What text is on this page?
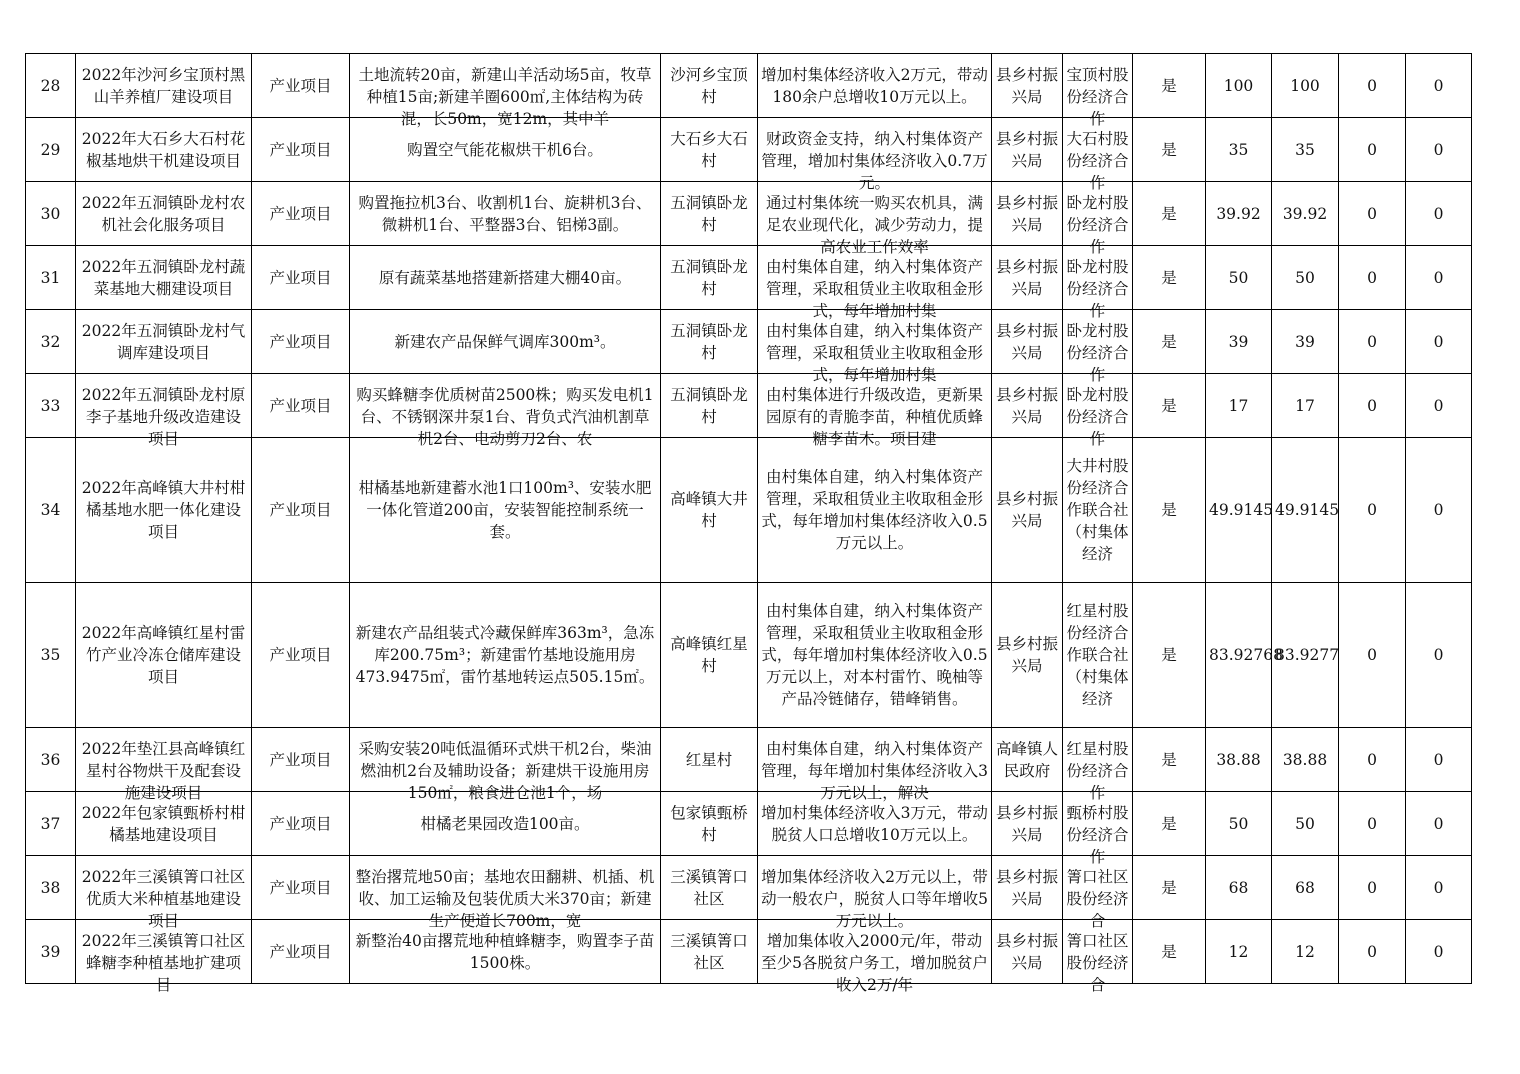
28	2022年沙河乡宝顶村黑山羊养植厂建设项目	产业项目	土地流转20亩，新建山羊活动场5亩，牧草种植15亩;新建羊圈600㎡,主体结构为砖混，长50m，宽12m，其中羊	沙河乡宝顶村	增加村集体经济收入2万元，带动180余户总增收10万元以上。	县乡村振兴局	宝顶村股份经济合作	是	100	100	0	0
29	2022年大石乡大石村花椒基地烘干机建设项目	产业项目	购置空气能花椒烘干机6台。	大石乡大石村	财政资金支持，纳入村集体资产管理，增加村集体经济收入0.7万元。	县乡村振兴局	大石村股份经济合作	是	35	35	0	0
30	2022年五洞镇卧龙村农机社会化服务项目	产业项目	购置拖拉机3台、收割机1台、旋耕机3台、微耕机1台、平整器3台、铝梯3副。	五洞镇卧龙村	通过村集体统一购买农机具，满足农业现代化，减少劳动力，提高农业工作效率	县乡村振兴局	卧龙村股份经济合作	是	39.92	39.92	0	0
31	2022年五洞镇卧龙村蔬菜基地大棚建设项目	产业项目	原有蔬菜基地搭建新搭建大棚40亩。	五洞镇卧龙村	由村集体自建，纳入村集体资产管理，采取租赁业主收取租金形式，每年增加村集	县乡村振兴局	卧龙村股份经济合作	是	50	50	0	0
32	2022年五洞镇卧龙村气调库建设项目	产业项目	新建农产品保鲜气调库300m³。	五洞镇卧龙村	由村集体自建，纳入村集体资产管理，采取租赁业主收取租金形式，每年增加村集	县乡村振兴局	卧龙村股份经济合作	是	39	39	0	0
33	2022年五洞镇卧龙村原李子基地升级改造建设项目	产业项目	购买蜂糖李优质树苗2500株；购买发电机1台、不锈钢深井泵1台、背负式汽油机割草机2台、电动剪刀2台、农	五洞镇卧龙村	由村集体进行升级改造，更新果园原有的青脆李苗，种植优质蜂糖李苗木。项目建	县乡村振兴局	卧龙村股份经济合作	是	17	17	0	0
34	2022年高峰镇大井村柑橘基地水肥一体化建设项目	产业项目	柑橘基地新建蓄水池1口100m³、安装水肥一体化管道200亩，安装智能控制系统一套。	高峰镇大井村	由村集体自建，纳入村集体资产管理，采取租赁业主收取租金形式，每年增加村集体经济收入0.5万元以上。	县乡村振兴局	大井村股份经济合作联合社（村集体经济	是	49.9145	49.9145	0	0
35	2022年高峰镇红星村雷竹产业冷冻仓储库建设项目	产业项目	新建农产品组装式冷藏保鲜库363m³，急冻库200.75m³；新建雷竹基地设施用房473.9475㎡，雷竹基地转运点505.15㎡。	高峰镇红星村	由村集体自建，纳入村集体资产管理，采取租赁业主收取租金形式，每年增加村集体经济收入0.5万元以上，对本村雷竹、晚柚等产品冷链储存，错峰销售。	县乡村振兴局	红星村股份经济合作联合社（村集体经济	是	83.92768	83.9277	0	0
36	2022年垫江县高峰镇红星村谷物烘干及配套设施建设项目	产业项目	采购安装20吨低温循环式烘干机2台，柴油燃油机2台及辅助设备；新建烘干设施用房150㎡，粮食进仓池1个，场	红星村	由村集体自建，纳入村集体资产管理，每年增加村集体经济收入3万元以上，解决	高峰镇人民政府	红星村股份经济合作	是	38.88	38.88	0	0
37	2022年包家镇甄桥村柑橘基地建设项目	产业项目	柑橘老果园改造100亩。	包家镇甄桥村	增加村集体经济收入3万元，带动脱贫人口总增收10万元以上。	县乡村振兴局	甄桥村股份经济合作	是	50	50	0	0
38	2022年三溪镇箐口社区优质大米种植基地建设项目	产业项目	整治撂荒地50亩；基地农田翻耕、机插、机收、加工运输及包装优质大米370亩；新建生产便道长700m，宽	三溪镇箐口社区	增加集体经济收入2万元以上，带动一般农户，脱贫人口等年增收5万元以上。	县乡村振兴局	箐口社区股份经济合	是	68	68	0	0
39	2022年三溪镇箐口社区蜂糖李种植基地扩建项目	产业项目	新整治40亩撂荒地种植蜂糖李，购置李子苗1500株。	三溪镇箐口社区	增加集体收入2000元/年，带动至少5各脱贫户务工，增加脱贫户收入2万/年	县乡村振兴局	箐口社区股份经济合	是	12	12	0	0
